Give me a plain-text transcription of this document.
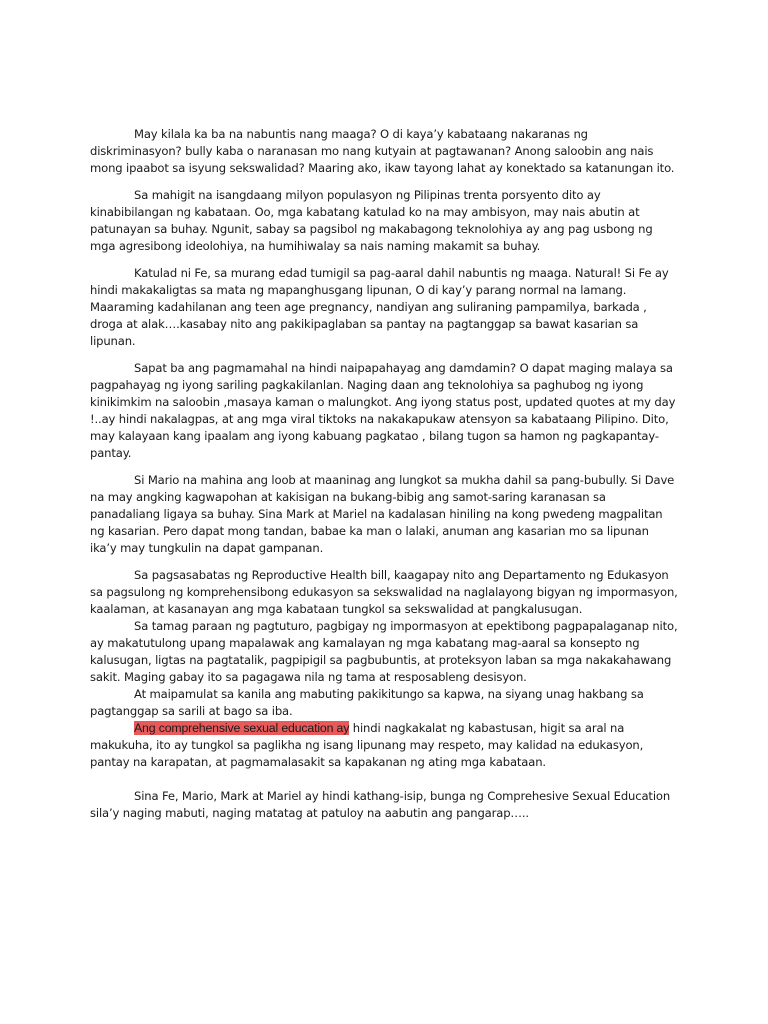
May kilala ka ba na nabuntis nang maaga? O di kaya’y kabataang nakaranas ng diskriminasyon? bully kaba o naranasan mo nang kutyain at pagtawanan? Anong saloobin ang nais mong ipaabot sa isyung sekswalidad? Maaring ako, ikaw tayong lahat ay konektado sa katanungan ito.

Sa mahigit na isangdaang milyon populasyon ng Pilipinas trenta porsyento dito ay kinabibilangan ng kabataan. Oo, mga kabatang katulad ko na may ambisyon, may nais abutin at patunayan sa buhay. Ngunit, sabay sa pagsibol ng makabagong teknolohiya ay ang pag usbong ng mga agresibong ideolohiya, na humihiwalay sa nais naming makamit sa buhay.

Katulad ni Fe, sa murang edad tumigil sa pag-aaral dahil nabuntis ng maaga. Natural! Si Fe ay hindi makakaligtas sa mata ng mapanghusgang lipunan, O di kay’y parang normal na lamang. Maaraming kadahilanan ang teen age pregnancy, nandiyan ang suliraning pampamilya, barkada , droga at alak….kasabay nito ang pakikipaglaban sa pantay na pagtanggap sa bawat kasarian sa lipunan.

Sapat ba ang pagmamahal na hindi naipapahayag ang damdamin? O dapat maging malaya sa pagpahayag ng iyong sariling pagkakilanlan. Naging daan ang teknolohiya sa paghubog ng iyong kinikimkim na saloobin ,masaya kaman o malungkot. Ang iyong status post, updated quotes at my day !..ay hindi nakalagpas, at ang mga viral tiktoks na nakakapukaw atensyon sa kabataang Pilipino. Dito, may kalayaan kang ipaalam ang iyong kabuang pagkatao , bilang tugon sa hamon ng pagkapantay-pantay.

Si Mario na mahina ang loob at maaninag ang lungkot sa mukha dahil sa pang-bubully. Si Dave na may angking kagwapohan at kakisigan na bukang-bibig ang samot-saring karanasan sa panadaliang ligaya sa buhay. Sina Mark at Mariel na kadalasan hiniling na kong pwedeng magpalitan ng kasarian. Pero dapat mong tandan, babae ka man o lalaki, anuman ang kasarian mo sa lipunan ika’y may tungkulin na dapat gampanan.

Sa pagsasabatas ng Reproductive Health bill, kaagapay nito ang Departamento ng Edukasyon sa pagsulong ng komprehensibong edukasyon sa sekswalidad na naglalayong bigyan ng impormasyon, kaalaman, at kasanayan ang mga kabataan tungkol sa sekswalidad at pangkalusugan.

Sa tamag paraan ng pagtuturo, pagbigay ng impormasyon at epektibong pagpapalaganap nito, ay makatutulong upang mapalawak ang kamalayan ng mga kabatang mag-aaral sa konsepto ng kalusugan, ligtas na pagtatalik, pagpipigil sa pagbubuntis, at proteksyon laban sa mga nakakahawang sakit. Maging gabay ito sa pagagawa nila ng tama at resposableng desisyon.

At maipamulat sa kanila ang mabuting pakikitungo sa kapwa, na siyang unag hakbang sa pagtanggap sa sarili at bago sa iba.

Ang comprehensive sexual education ay hindi nagkakalat ng kabastusan, higit sa aral na makukuha, ito ay tungkol sa paglikha ng isang lipunang may respeto, may kalidad na edukasyon, pantay na karapatan, at pagmamalasakit sa kapakanan ng ating mga kabataan.

Sina Fe, Mario, Mark at Mariel ay hindi kathang-isip, bunga ng Comprehesive Sexual Education sila’y naging mabuti, naging matatag at patuloy na aabutin ang pangarap…..
